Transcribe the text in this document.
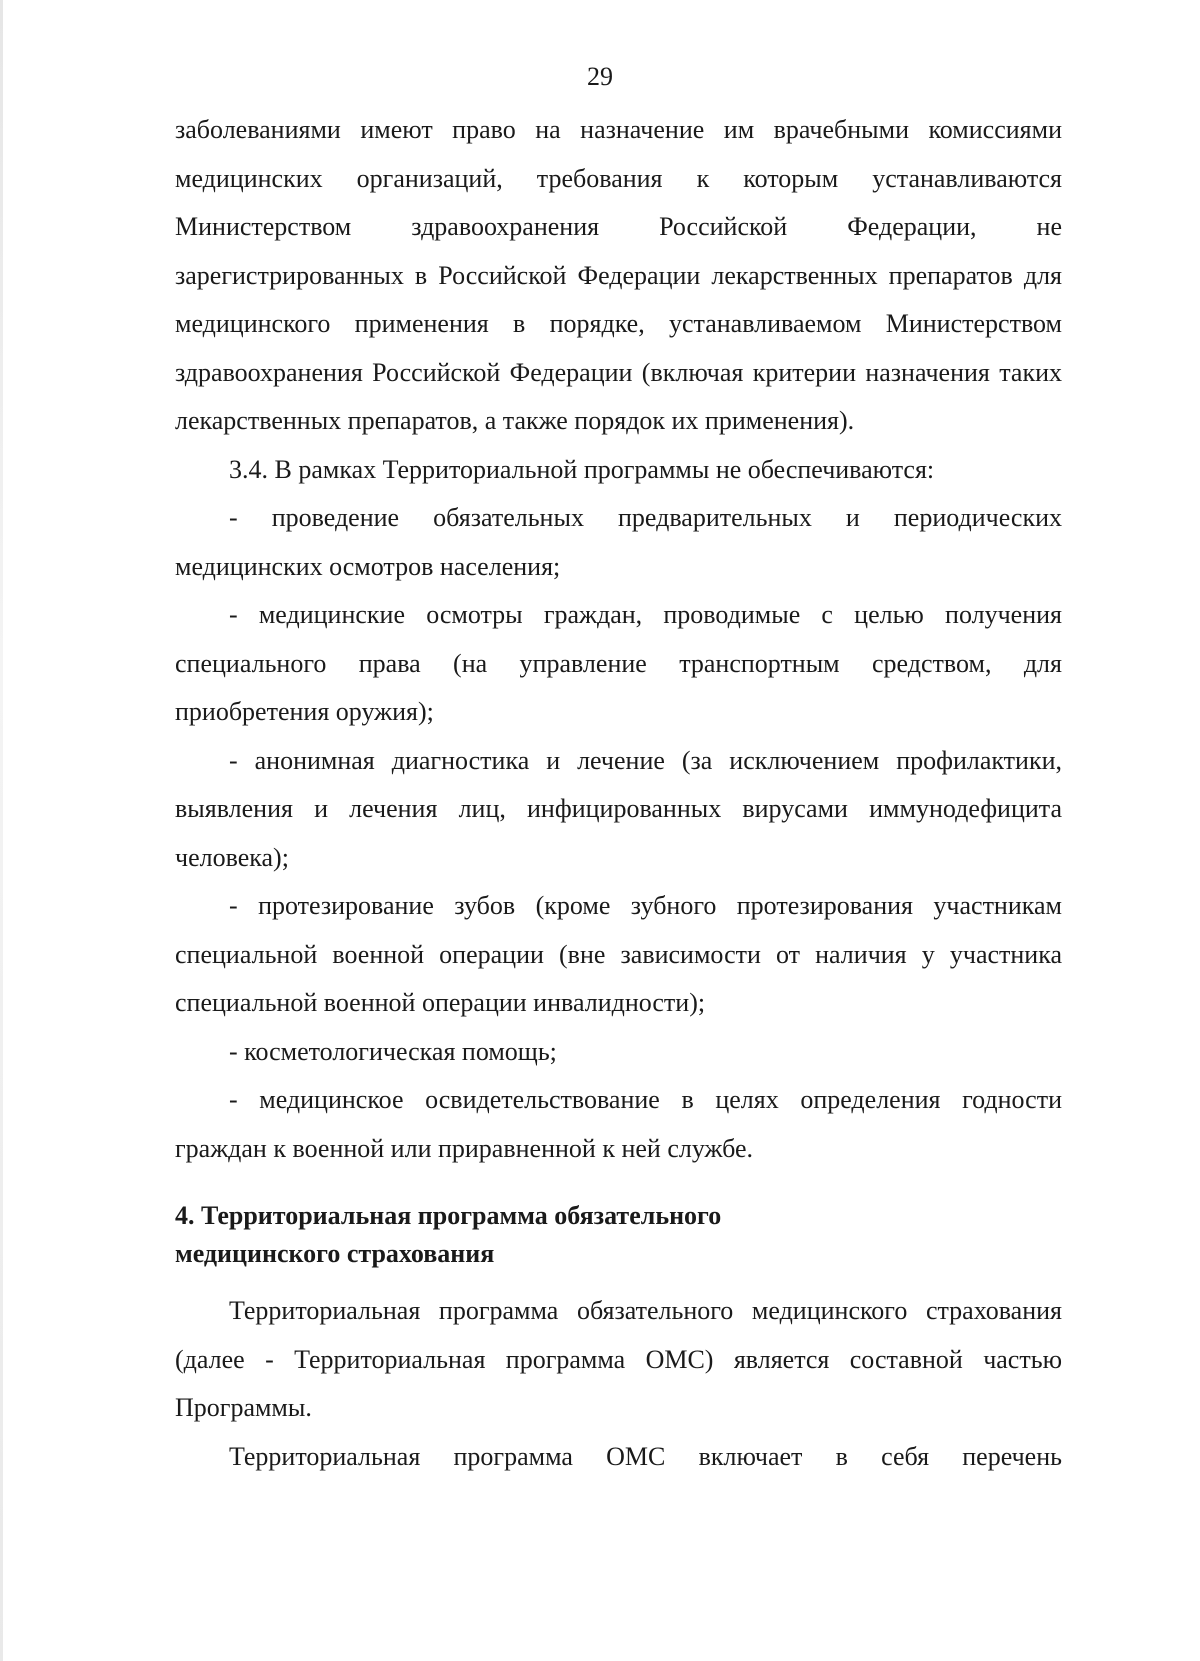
29

заболеваниями имеют право на назначение им врачебными комиссиями медицинских организаций, требования к которым устанавливаются Министерством здравоохранения Российской Федерации, не зарегистрированных в Российской Федерации лекарственных препаратов для медицинского применения в порядке, устанавливаемом Министерством здравоохранения Российской Федерации (включая критерии назначения таких лекарственных препаратов, а также порядок их применения).

3.4. В рамках Территориальной программы не обеспечиваются:

- проведение обязательных предварительных и периодических медицинских осмотров населения;

- медицинские осмотры граждан, проводимые с целью получения специального права (на управление транспортным средством, для приобретения оружия);

- анонимная диагностика и лечение (за исключением профилактики, выявления и лечения лиц, инфицированных вирусами иммунодефицита человека);

- протезирование зубов (кроме зубного протезирования участникам специальной военной операции (вне зависимости от наличия у участника специальной военной операции инвалидности);

- косметологическая помощь;

- медицинское освидетельствование в целях определения годности граждан к военной или приравненной к ней службе.

4. Территориальная программа обязательного
медицинского страхования

Территориальная программа обязательного медицинского страхования (далее - Территориальная программа ОМС) является составной частью Программы.

Территориальная программа ОМС включает в себя перечень
